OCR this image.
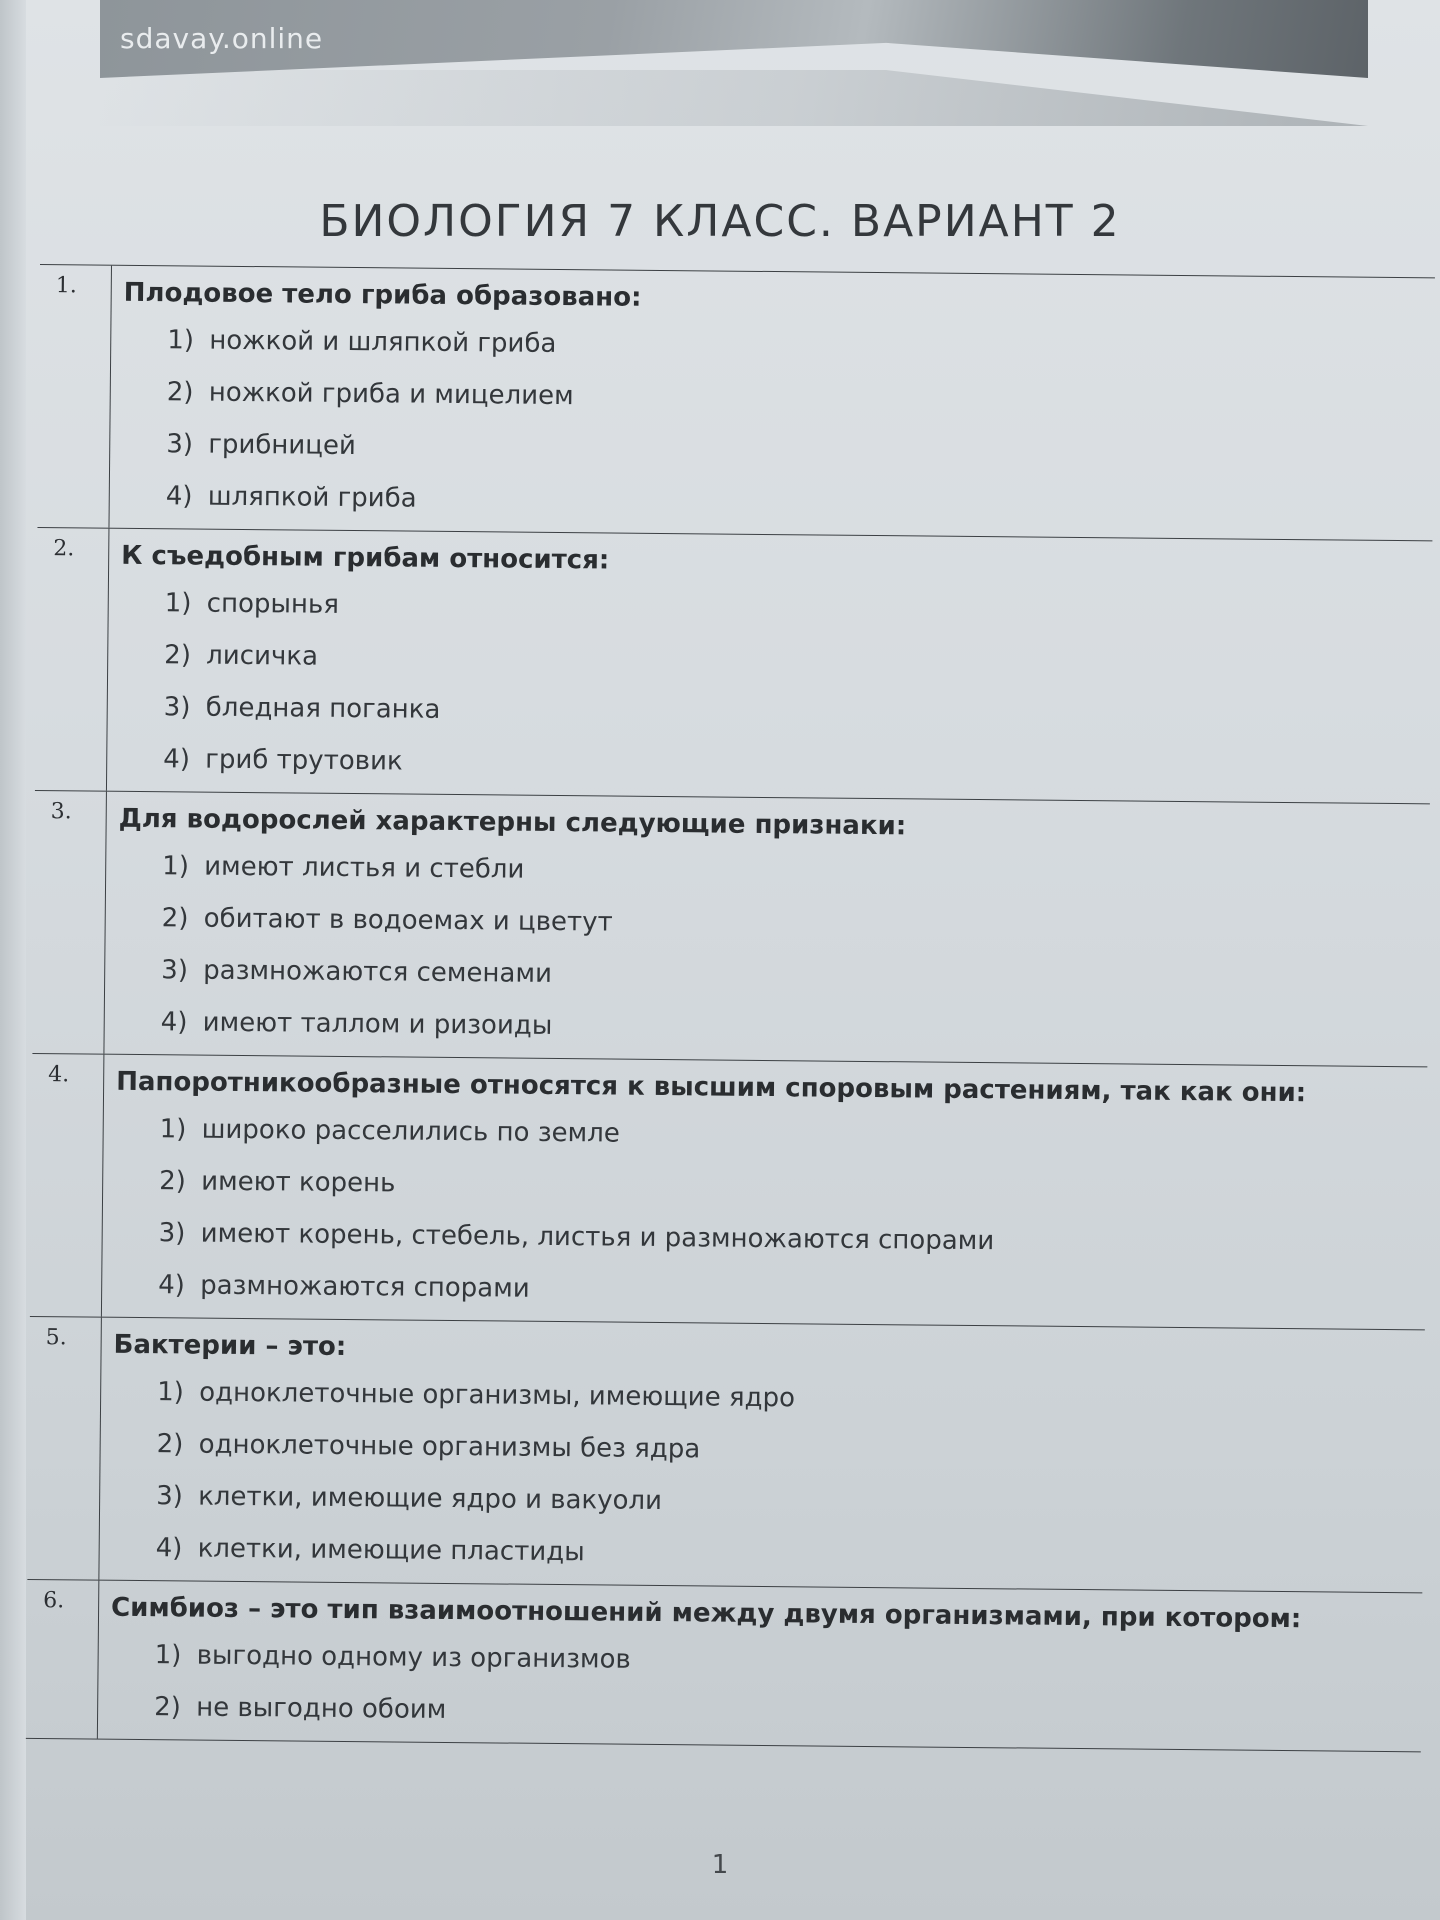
sdavay.online
БИОЛОГИЯ 7 КЛАСС. ВАРИАНТ 2
1.	Плодовое тело гриба образовано:
1) ножкой и шляпкой гриба
2) ножкой гриба и мицелием
3) грибницей
4) шляпкой гриба
2.	К съедобным грибам относится:
1) спорынья
2) лисичка
3) бледная поганка
4) гриб трутовик
3.	Для водорослей характерны следующие признаки:
1) имеют листья и стебли
2) обитают в водоемах и цветут
3) размножаются семенами
4) имеют таллом и ризоиды
4.	Папоротникообразные относятся к высшим споровым растениям, так как они:
1) широко расселились по земле
2) имеют корень
3) имеют корень, стебель, листья и размножаются спорами
4) размножаются спорами
5.	Бактерии – это:
1) одноклеточные организмы, имеющие ядро
2) одноклеточные организмы без ядра
3) клетки, имеющие ядро и вакуоли
4) клетки, имеющие пластиды
6.	Симбиоз – это тип взаимоотношений между двумя организмами, при котором:
1) выгодно одному из организмов
2) не выгодно обоим
1
